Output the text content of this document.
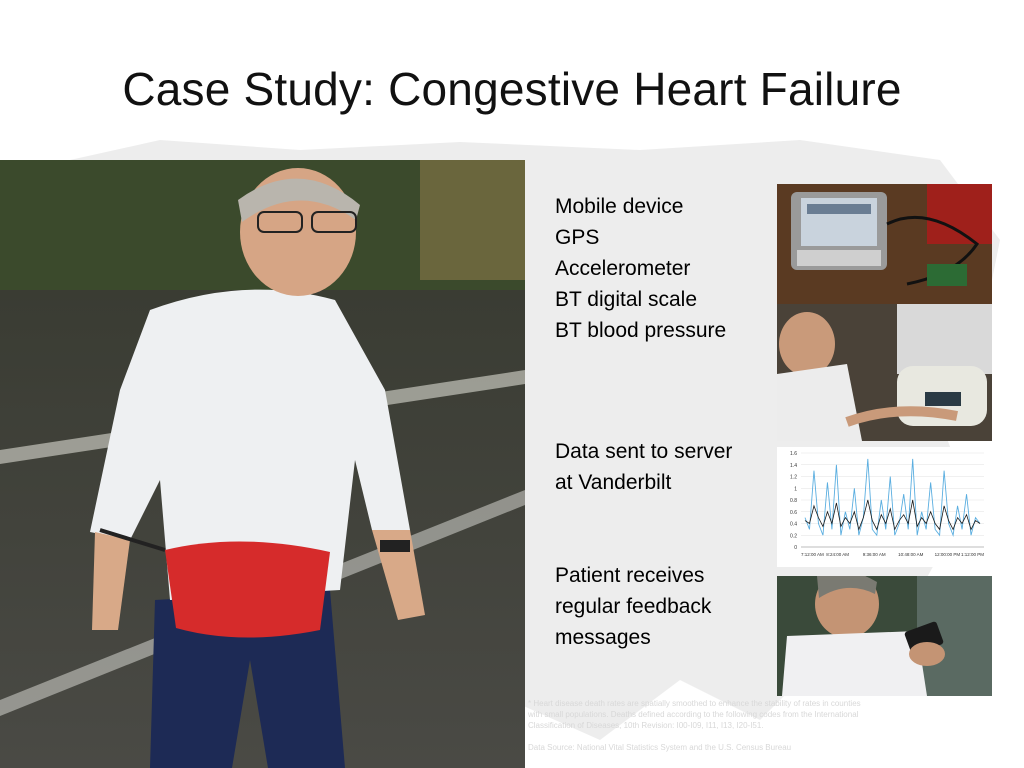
Case Study: Congestive Heart Failure
Mobile device
GPS
Accelerometer
BT digital scale
BT blood pressure
Data sent to server
at Vanderbilt
Patient receives
regular feedback
messages
0
0.2
0.4
0.6
0.8
1
1.2
1.4
1.6
7:12:00 AM 8:24:00 AM	9:36:00 AM	10:48:00 AM 12:00:00 PM 1:12:00 PM
* Heart disease death rates are spatially smoothed to enhance the stability of rates in counties
with small populations. Deaths defined according to the following codes from the International
Classification of Diseases, 10th Revision: I00-I09, I11, I13, I20-I51.

Data Source: National Vital Statistics System and the U.S. Census Bureau
